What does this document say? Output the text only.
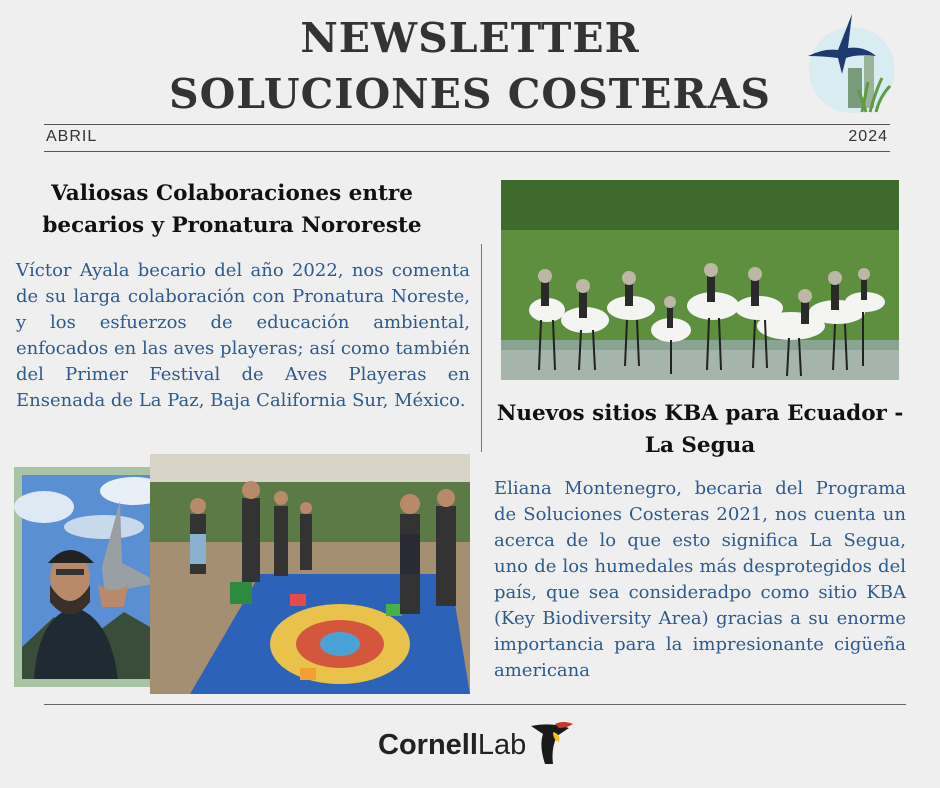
NEWSLETTER
SOLUCIONES COSTERAS
ABRIL	2024
Valiosas Colaboraciones entre becarios y Pronatura Nororeste
Víctor Ayala becario del año 2022, nos comenta de su larga colaboración con Pronatura Noreste, y los esfuerzos de educación ambiental, enfocados en las aves playeras; así como también del Primer Festival de Aves Playeras en Ensenada de La Paz, Baja California Sur, México.
Nuevos sitios KBA para Ecuador - La Segua
Eliana Montenegro, becaria del Programa de Soluciones Costeras 2021, nos cuenta un acerca de lo que esto significa La Segua, uno de los humedales más desprotegidos del país, que sea consideradpo como sitio KBA (Key Biodiversity Area) gracias a su enorme importancia para la impresionante cigüeña americana
CornellLab
